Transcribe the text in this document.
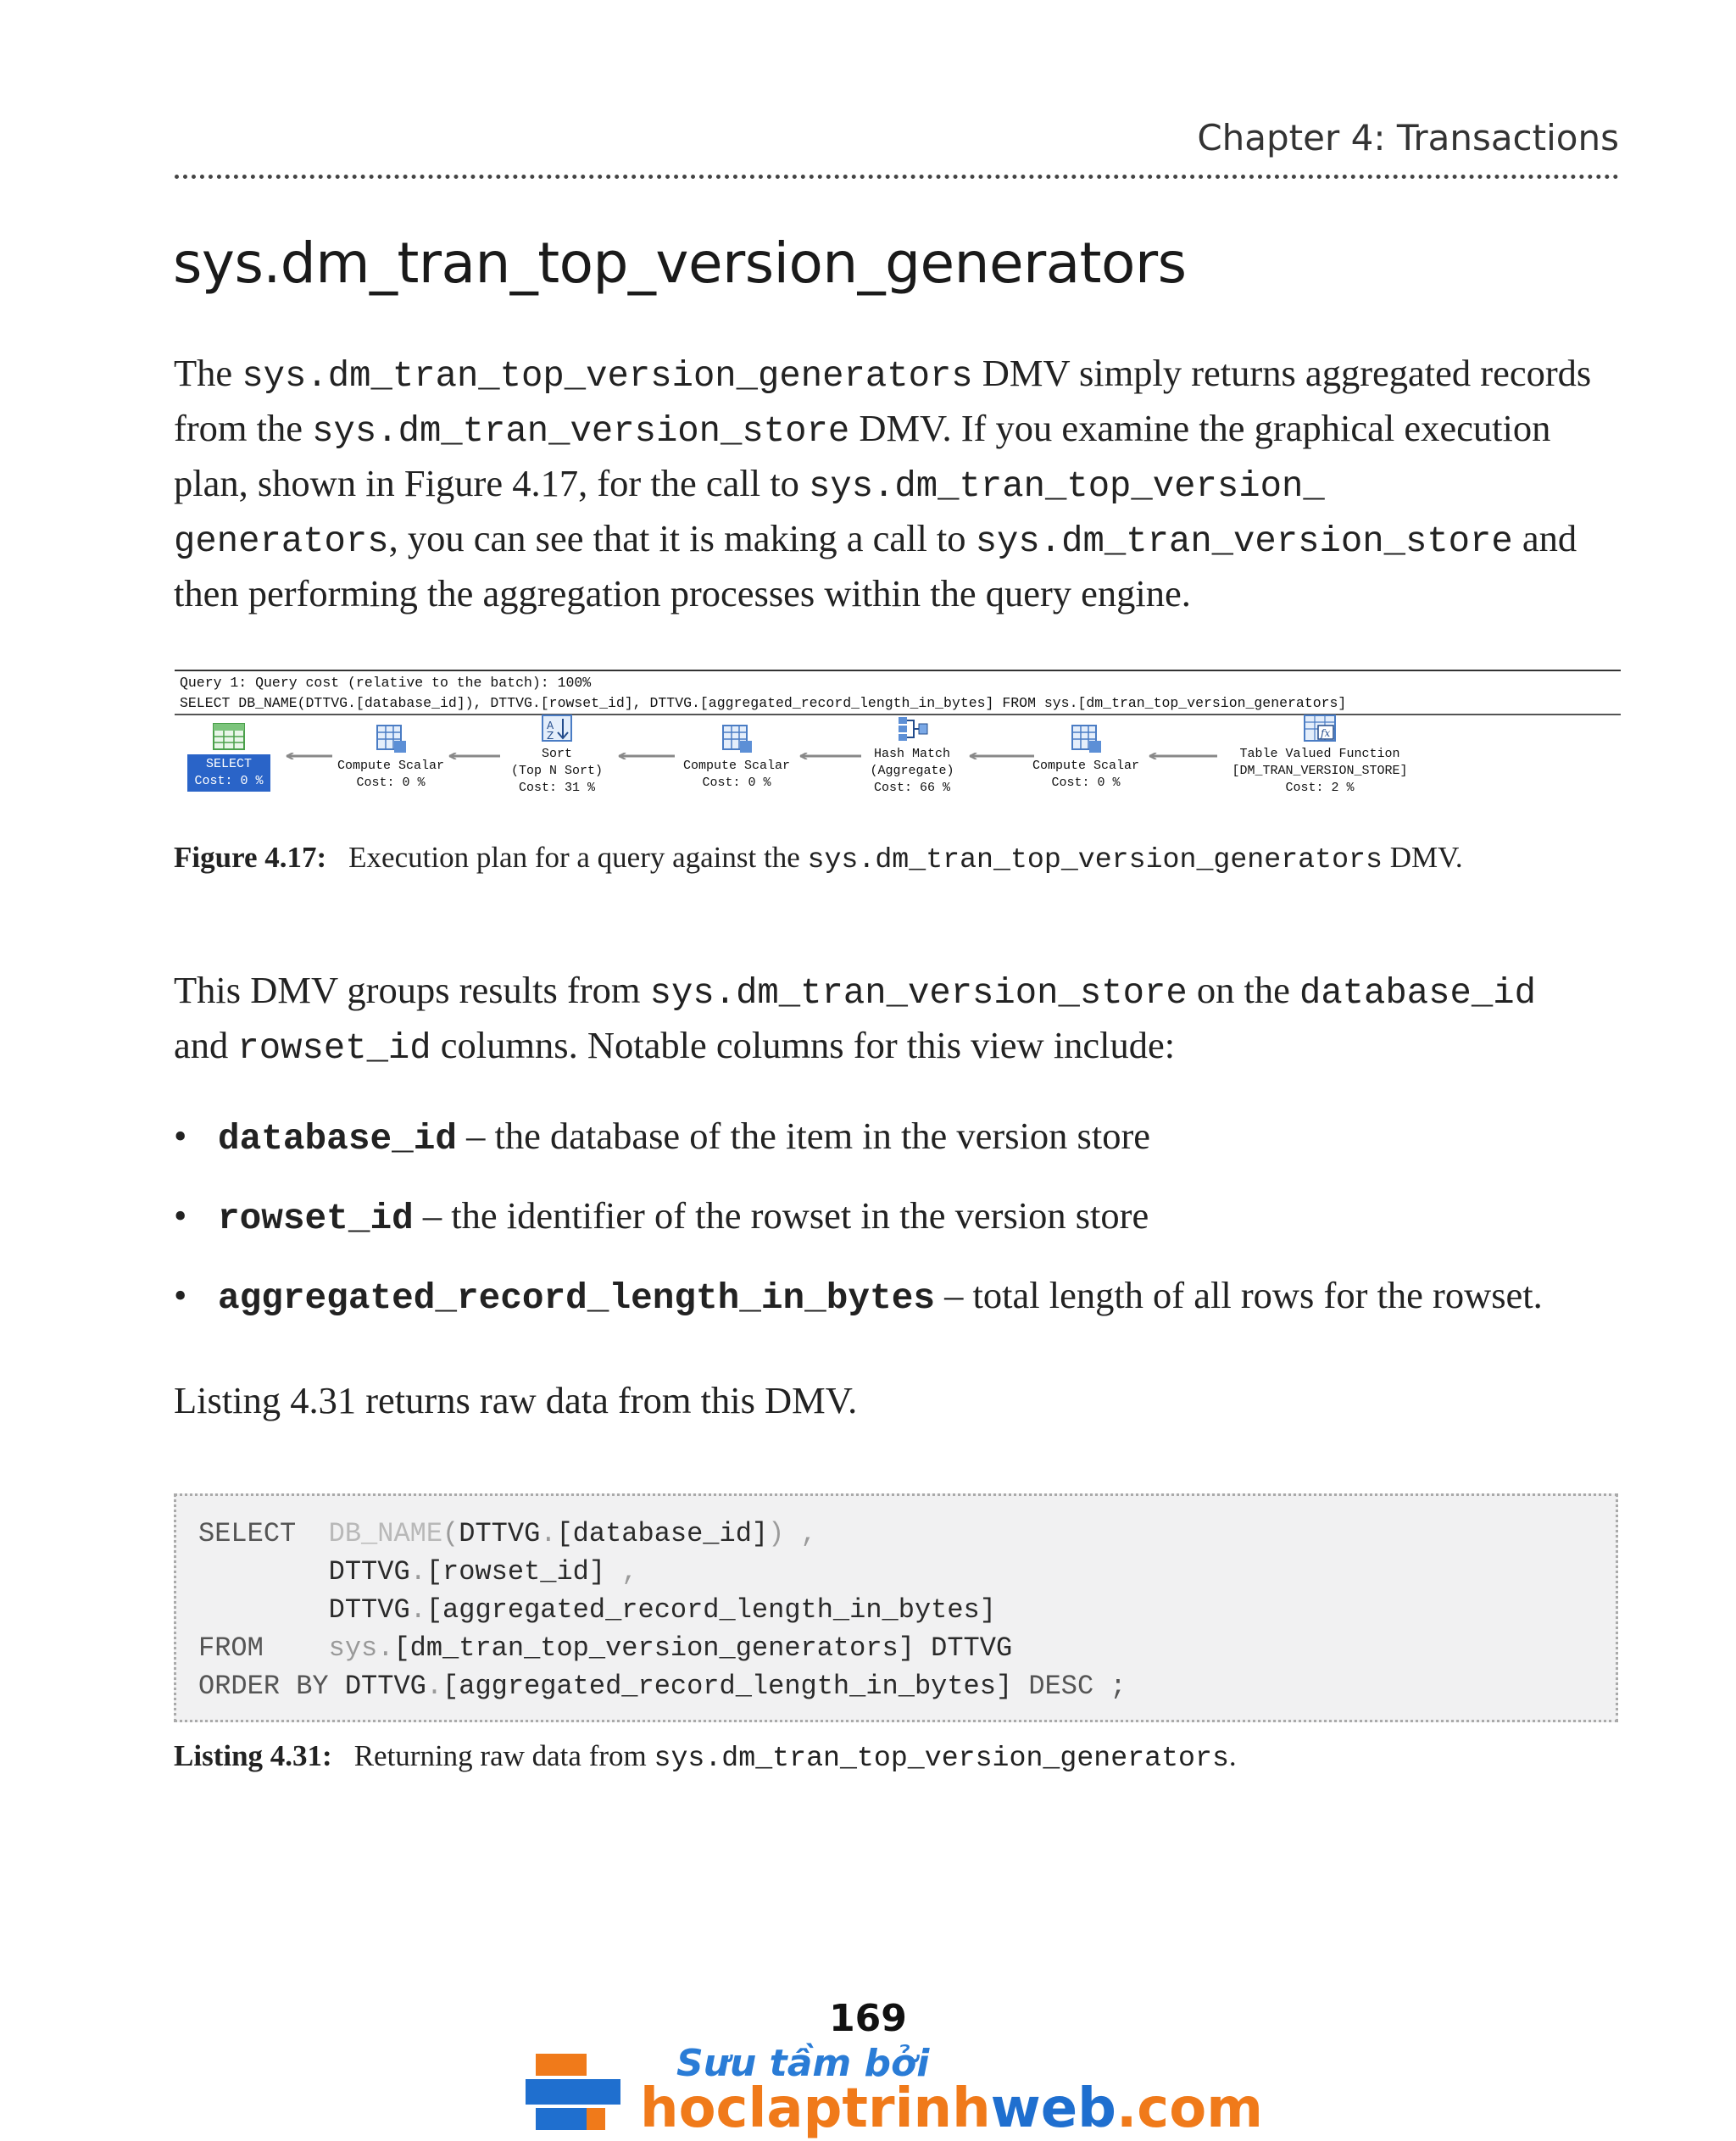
Chapter 4: Transactions
sys.dm_tran_top_version_generators

The sys.dm_tran_top_version_generators DMV simply returns aggregated records from the sys.dm_tran_version_store DMV. If you examine the graphical execution plan, shown in Figure 4.17, for the call to sys.dm_tran_top_version_
generators, you can see that it is making a call to sys.dm_tran_version_store and then performing the aggregation processes within the query engine.

Query 1: Query cost (relative to the batch): 100%
SELECT DB_NAME(DTTVG.[database_id]), DTTVG.[rowset_id], DTTVG.[aggregated_record_length_in_bytes] FROM sys.[dm_tran_top_version_generators]
SELECT
Cost: 0 %
Compute Scalar
Cost: 0 %
A
Z
Sort
(Top N Sort)
Cost: 31 %
Compute Scalar
Cost: 0 %
Hash Match
(Aggregate)
Cost: 66 %
Compute Scalar
Cost: 0 %
fx
Table Valued Function
[DM_TRAN_VERSION_STORE]
Cost: 2 %

Figure 4.17: Execution plan for a query against the sys.dm_tran_top_version_generators DMV.

This DMV groups results from sys.dm_tran_version_store on the database_id
and rowset_id columns. Notable columns for this view include:

• database_id – the database of the item in the version store
• rowset_id – the identifier of the rowset in the version store
• aggregated_record_length_in_bytes – total length of all rows for the rowset.

Listing 4.31 returns raw data from this DMV.

SELECT DB_NAME(DTTVG.[database_id]) ,
DTTVG.[rowset_id] ,
DTTVG.[aggregated_record_length_in_bytes]
FROM sys.[dm_tran_top_version_generators] DTTVG
ORDER BY DTTVG.[aggregated_record_length_in_bytes] DESC ;

Listing 4.31: Returning raw data from sys.dm_tran_top_version_generators.

169
Sưu tầm bởi
hoclaptrinhweb.com
